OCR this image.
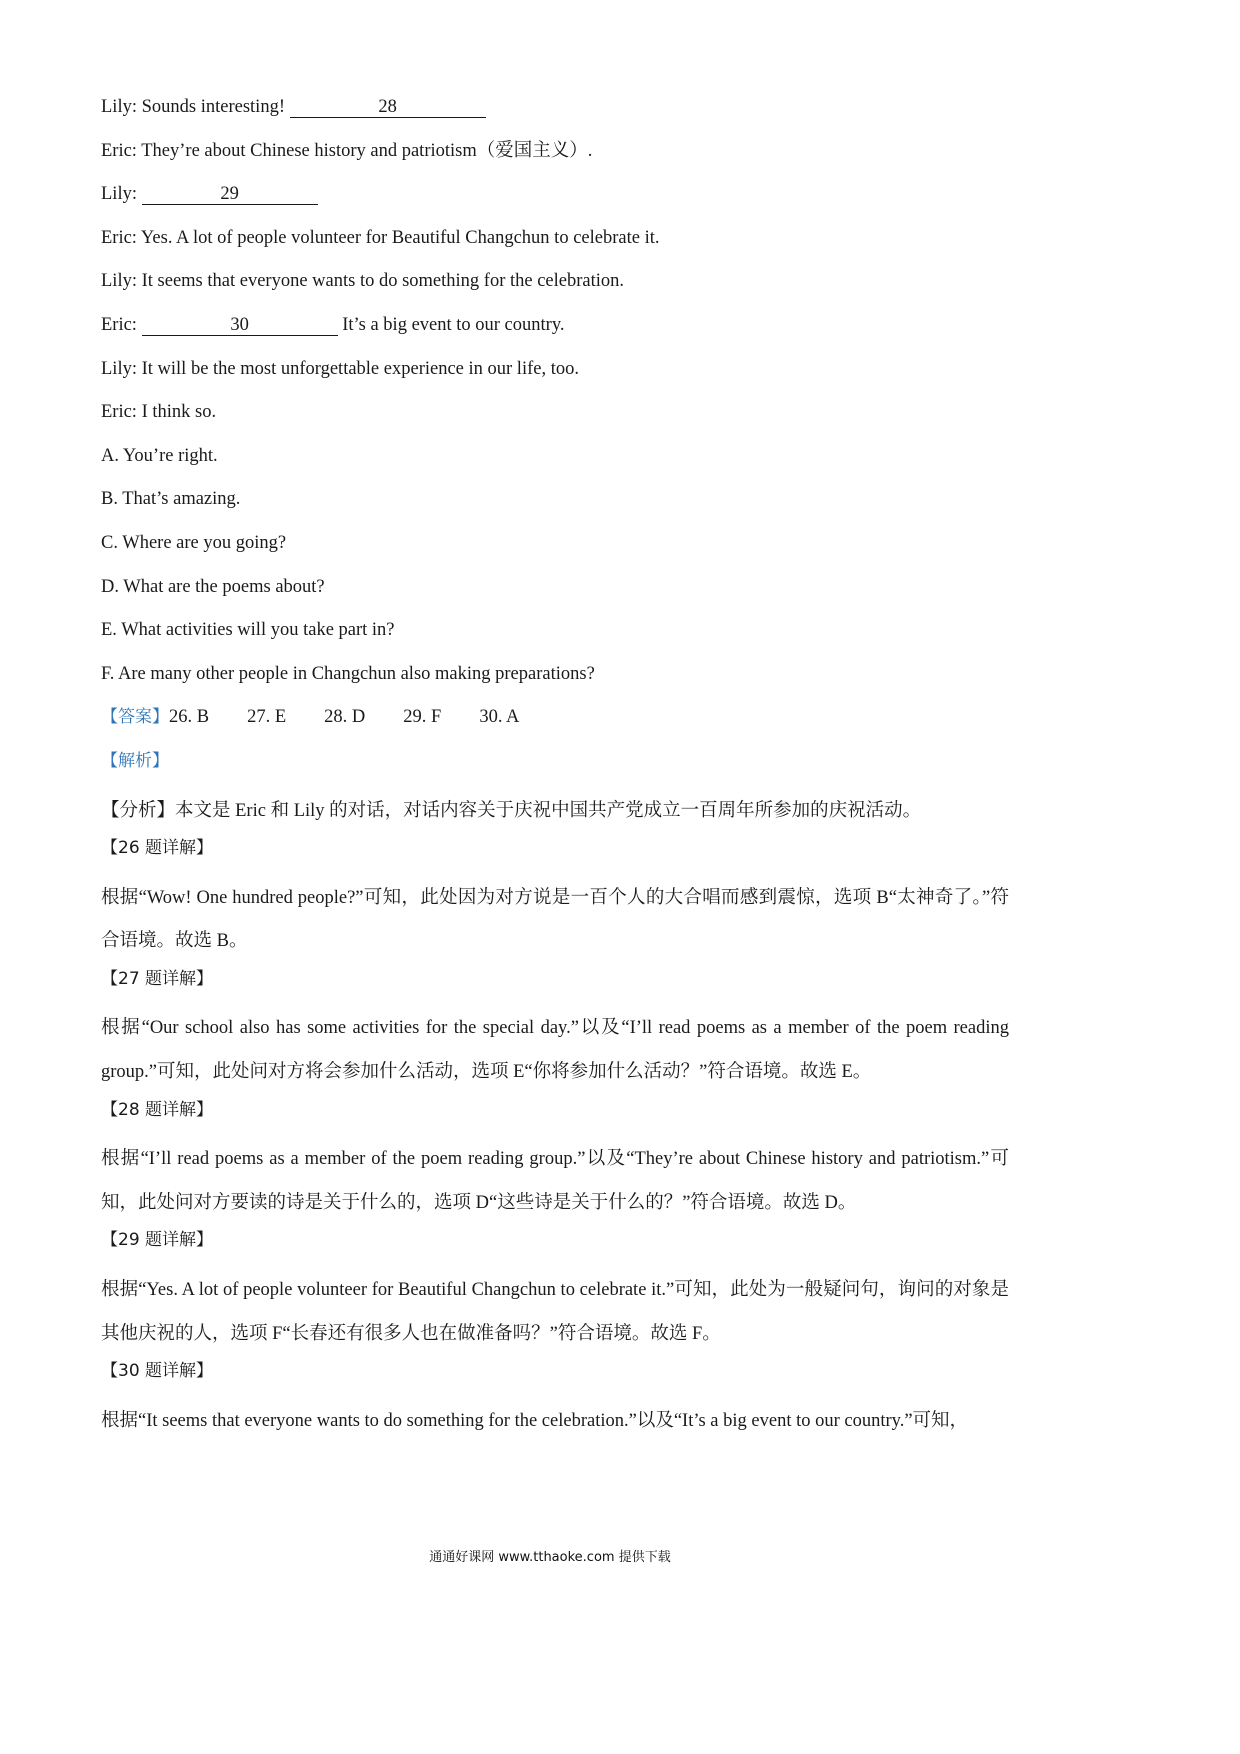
Lily: Sounds interesting!	28
Eric: They’re about Chinese history and patriotism（爱国主义）.
Lily:	29
Eric: Yes. A lot of people volunteer for Beautiful Changchun to celebrate it.
Lily: It seems that everyone wants to do something for the celebration.
Eric:	30	It’s a big event to our country.
Lily: It will be the most unforgettable experience in our life, too.
Eric: I think so.
A. You’re right.
B. That’s amazing.
C. Where are you going?
D. What are the poems about?
E. What activities will you take part in?
F. Are many other people in Changchun also making preparations?
【答案】26. B 27. E 28. D 29. F 30. A
【解析】
【分析】本文是 Eric 和 Lily 的对话，对话内容关于庆祝中国共产党成立一百周年所参加的庆祝活动。
【26 题详解】
根据“Wow! One hundred people?”可知，此处因为对方说是一百个人的大合唱而感到震惊，选项 B“太神奇了。”符合语境。故选 B。
【27 题详解】
根据“Our school also has some activities for the special day.”以及“I’ll read poems as a member of the poem reading group.”可知，此处问对方将会参加什么活动，选项 E“你将参加什么活动？”符合语境。故选 E。
【28 题详解】
根据“I’ll read poems as a member of the poem reading group.”以及“They’re about Chinese history and patriotism.”可知，此处问对方要读的诗是关于什么的，选项 D“这些诗是关于什么的？”符合语境。故选 D。
【29 题详解】
根据“Yes. A lot of people volunteer for Beautiful Changchun to celebrate it.”可知，此处为一般疑问句，询问的对象是其他庆祝的人，选项 F“长春还有很多人也在做准备吗？”符合语境。故选 F。
【30 题详解】
根据“It seems that everyone wants to do something for the celebration.”以及“It’s a big event to our country.”可知，
通通好课网 www.tthaoke.com 提供下载
